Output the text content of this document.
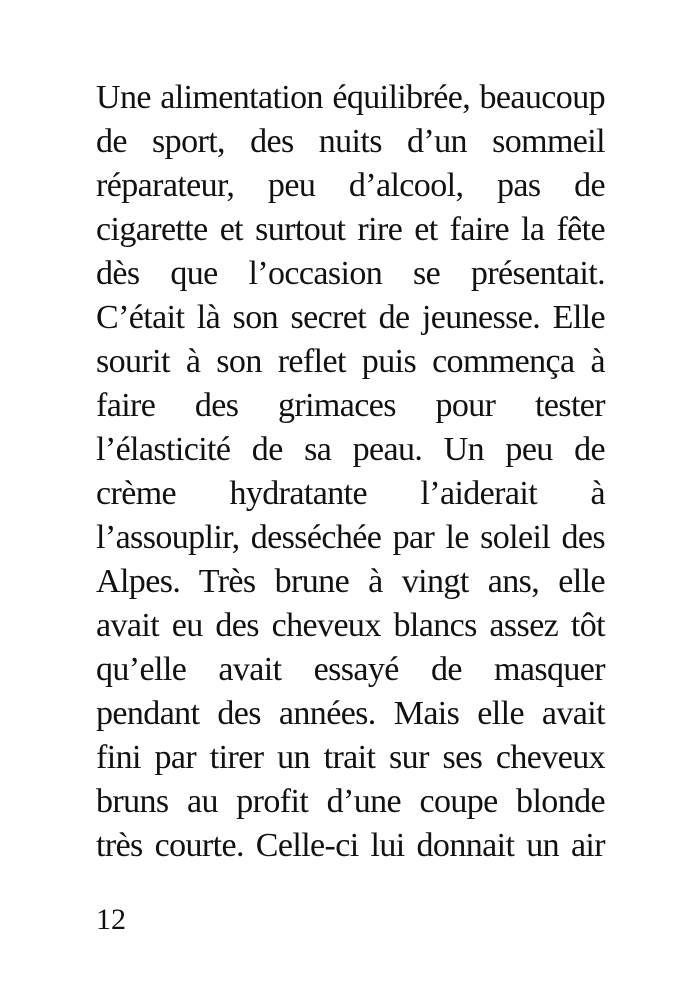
Une alimentation équilibrée, beaucoup
de sport, des nuits d’un sommeil
réparateur, peu d’alcool, pas de
cigarette et surtout rire et faire la fête
dès que l’occasion se présentait.
C’était là son secret de jeunesse. Elle
sourit à son reflet puis commença à
faire des grimaces pour tester
l’élasticité de sa peau. Un peu de
crème hydratante l’aiderait à
l’assouplir, desséchée par le soleil des
Alpes. Très brune à vingt ans, elle
avait eu des cheveux blancs assez tôt
qu’elle avait essayé de masquer
pendant des années. Mais elle avait
fini par tirer un trait sur ses cheveux
bruns au profit d’une coupe blonde
très courte. Celle-ci lui donnait un air
12
